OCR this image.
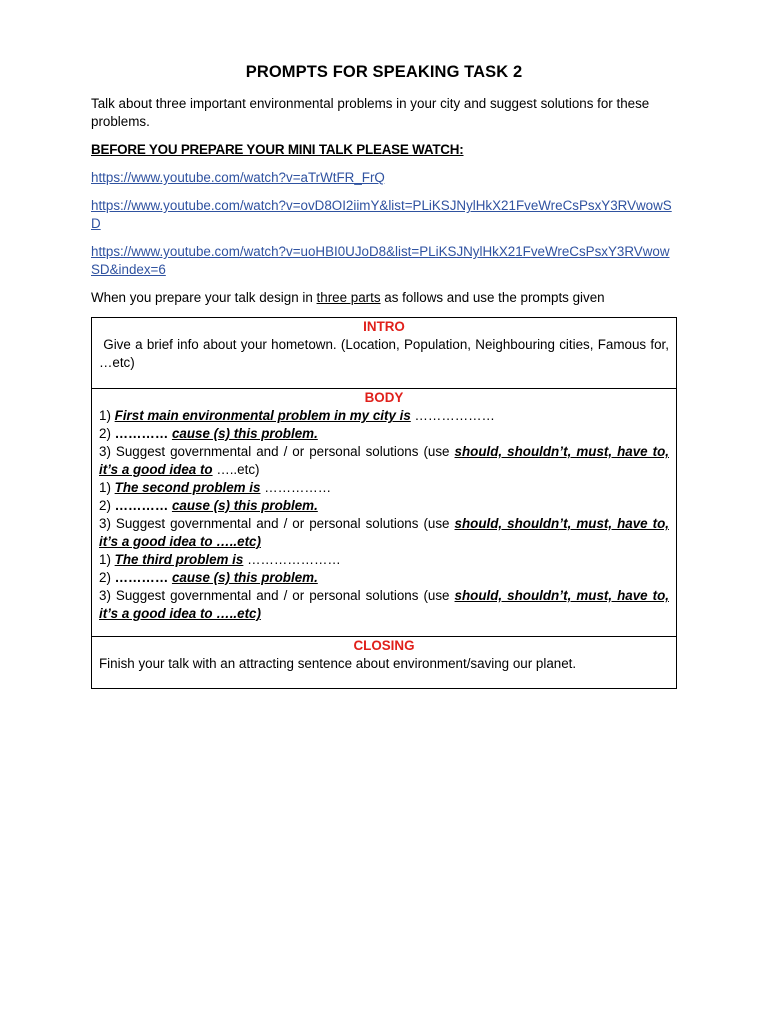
PROMPTS FOR SPEAKING TASK 2

Talk about three important environmental problems in your city and suggest solutions for these problems.

BEFORE YOU PREPARE YOUR MINI TALK PLEASE WATCH:

https://www.youtube.com/watch?v=aTrWtFR_FrQ
https://www.youtube.com/watch?v=ovD8OI2iimY&list=PLiKSJNylHkX21FveWreCsPsxY3RVwowSD
https://www.youtube.com/watch?v=uoHBI0UJoD8&list=PLiKSJNylHkX21FveWreCsPsxY3RVwowSD&index=6

When you prepare your talk design in three parts as follows and use the prompts given

INTRO
Give a brief info about your hometown. (Location, Population, Neighbouring cities, Famous for, …etc)

BODY
1) First main environmental problem in my city is ………………
2) ………… cause (s) this problem.
3) Suggest governmental and / or personal solutions (use should, shouldn’t, must, have to, it’s a good idea to …..etc)
1) The second problem is ……………
2) ………… cause (s) this problem.
3) Suggest governmental and / or personal solutions (use should, shouldn’t, must, have to, it’s a good idea to …..etc)
1) The third problem is …………………
2) ………… cause (s) this problem.
3) Suggest governmental and / or personal solutions (use should, shouldn’t, must, have to, it’s a good idea to …..etc)

CLOSING
Finish your talk with an attracting sentence about environment/saving our planet.
